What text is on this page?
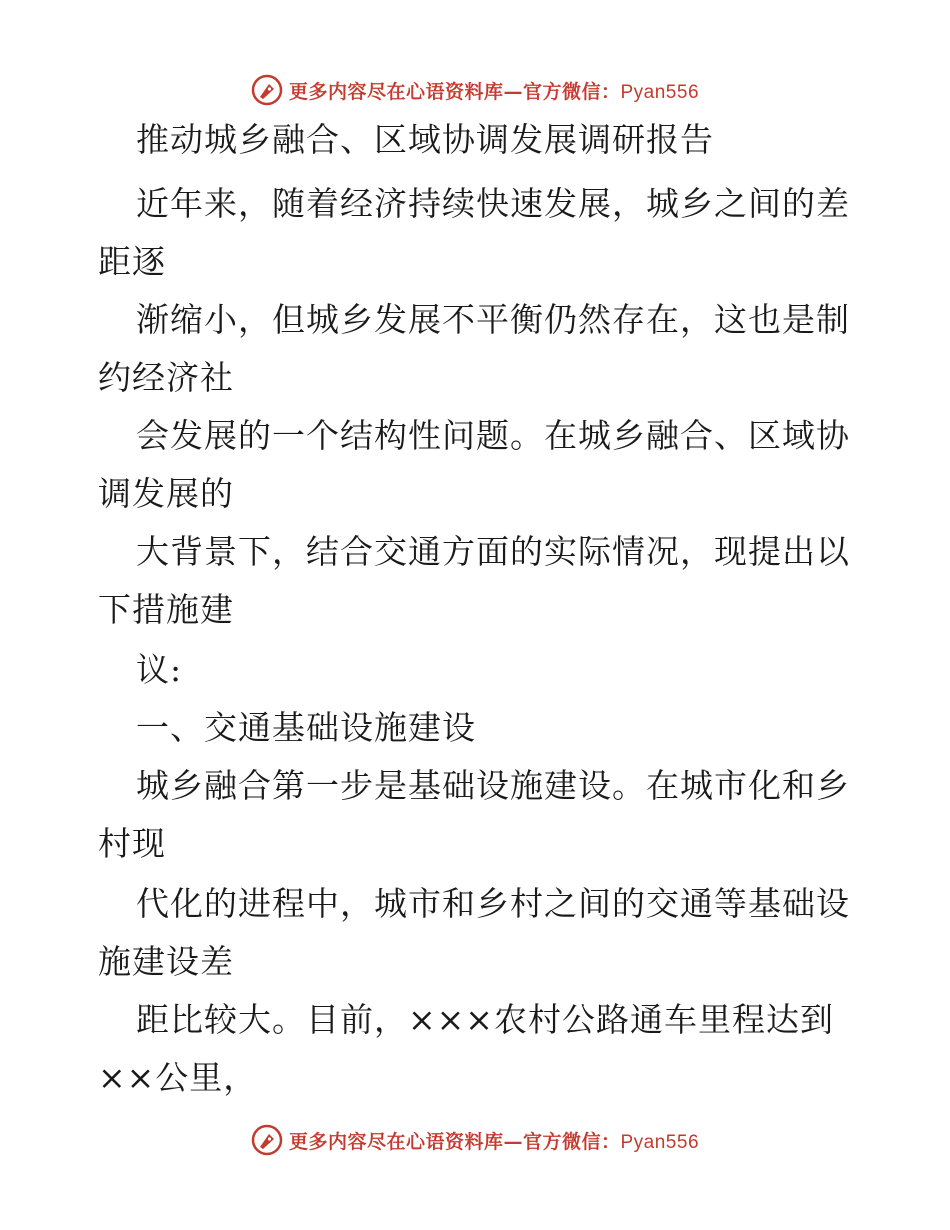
更多内容尽在心语资料库—官方微信：Pyan556
推动城乡融合、区域协调发展调研报告
近年来，随着经济持续快速发展，城乡之间的差
距逐
渐缩小，但城乡发展不平衡仍然存在，这也是制
约经济社
会发展的一个结构性问题。在城乡融合、区域协
调发展的
大背景下，结合交通方面的实际情况，现提出以
下措施建
议:
一、交通基础设施建设
城乡融合第一步是基础设施建设。在城市化和乡
村现
代化的进程中，城市和乡村之间的交通等基础设
施建设差
距比较大。目前，×××农村公路通车里程达到
××公里，
更多内容尽在心语资料库—官方微信：Pyan556
